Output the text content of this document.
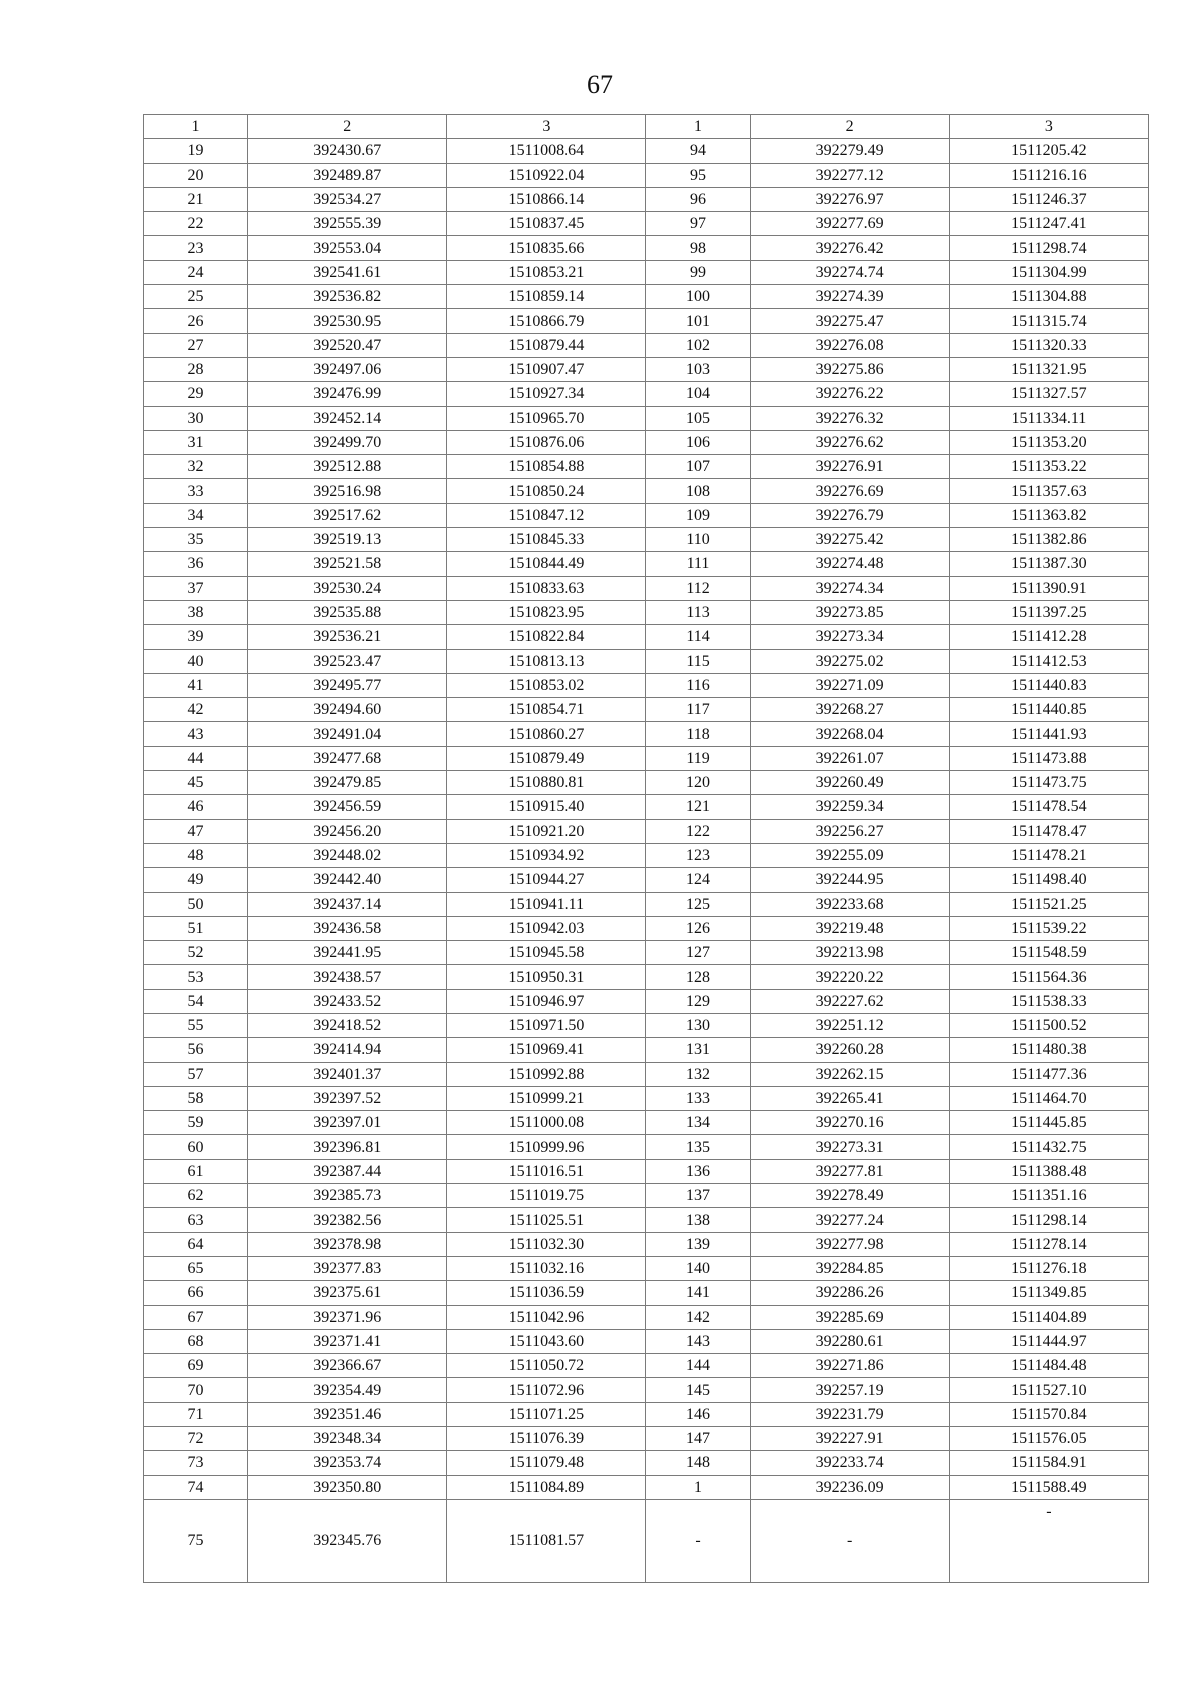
67
1	2	3	1	2	3
19	392430.67	1511008.64	94	392279.49	1511205.42
20	392489.87	1510922.04	95	392277.12	1511216.16
21	392534.27	1510866.14	96	392276.97	1511246.37
22	392555.39	1510837.45	97	392277.69	1511247.41
23	392553.04	1510835.66	98	392276.42	1511298.74
24	392541.61	1510853.21	99	392274.74	1511304.99
25	392536.82	1510859.14	100	392274.39	1511304.88
26	392530.95	1510866.79	101	392275.47	1511315.74
27	392520.47	1510879.44	102	392276.08	1511320.33
28	392497.06	1510907.47	103	392275.86	1511321.95
29	392476.99	1510927.34	104	392276.22	1511327.57
30	392452.14	1510965.70	105	392276.32	1511334.11
31	392499.70	1510876.06	106	392276.62	1511353.20
32	392512.88	1510854.88	107	392276.91	1511353.22
33	392516.98	1510850.24	108	392276.69	1511357.63
34	392517.62	1510847.12	109	392276.79	1511363.82
35	392519.13	1510845.33	110	392275.42	1511382.86
36	392521.58	1510844.49	111	392274.48	1511387.30
37	392530.24	1510833.63	112	392274.34	1511390.91
38	392535.88	1510823.95	113	392273.85	1511397.25
39	392536.21	1510822.84	114	392273.34	1511412.28
40	392523.47	1510813.13	115	392275.02	1511412.53
41	392495.77	1510853.02	116	392271.09	1511440.83
42	392494.60	1510854.71	117	392268.27	1511440.85
43	392491.04	1510860.27	118	392268.04	1511441.93
44	392477.68	1510879.49	119	392261.07	1511473.88
45	392479.85	1510880.81	120	392260.49	1511473.75
46	392456.59	1510915.40	121	392259.34	1511478.54
47	392456.20	1510921.20	122	392256.27	1511478.47
48	392448.02	1510934.92	123	392255.09	1511478.21
49	392442.40	1510944.27	124	392244.95	1511498.40
50	392437.14	1510941.11	125	392233.68	1511521.25
51	392436.58	1510942.03	126	392219.48	1511539.22
52	392441.95	1510945.58	127	392213.98	1511548.59
53	392438.57	1510950.31	128	392220.22	1511564.36
54	392433.52	1510946.97	129	392227.62	1511538.33
55	392418.52	1510971.50	130	392251.12	1511500.52
56	392414.94	1510969.41	131	392260.28	1511480.38
57	392401.37	1510992.88	132	392262.15	1511477.36
58	392397.52	1510999.21	133	392265.41	1511464.70
59	392397.01	1511000.08	134	392270.16	1511445.85
60	392396.81	1510999.96	135	392273.31	1511432.75
61	392387.44	1511016.51	136	392277.81	1511388.48
62	392385.73	1511019.75	137	392278.49	1511351.16
63	392382.56	1511025.51	138	392277.24	1511298.14
64	392378.98	1511032.30	139	392277.98	1511278.14
65	392377.83	1511032.16	140	392284.85	1511276.18
66	392375.61	1511036.59	141	392286.26	1511349.85
67	392371.96	1511042.96	142	392285.69	1511404.89
68	392371.41	1511043.60	143	392280.61	1511444.97
69	392366.67	1511050.72	144	392271.86	1511484.48
70	392354.49	1511072.96	145	392257.19	1511527.10
71	392351.46	1511071.25	146	392231.79	1511570.84
72	392348.34	1511076.39	147	392227.91	1511576.05
73	392353.74	1511079.48	148	392233.74	1511584.91
74	392350.80	1511084.89	1	392236.09	1511588.49
75	392345.76	1511081.57	-	-	-
